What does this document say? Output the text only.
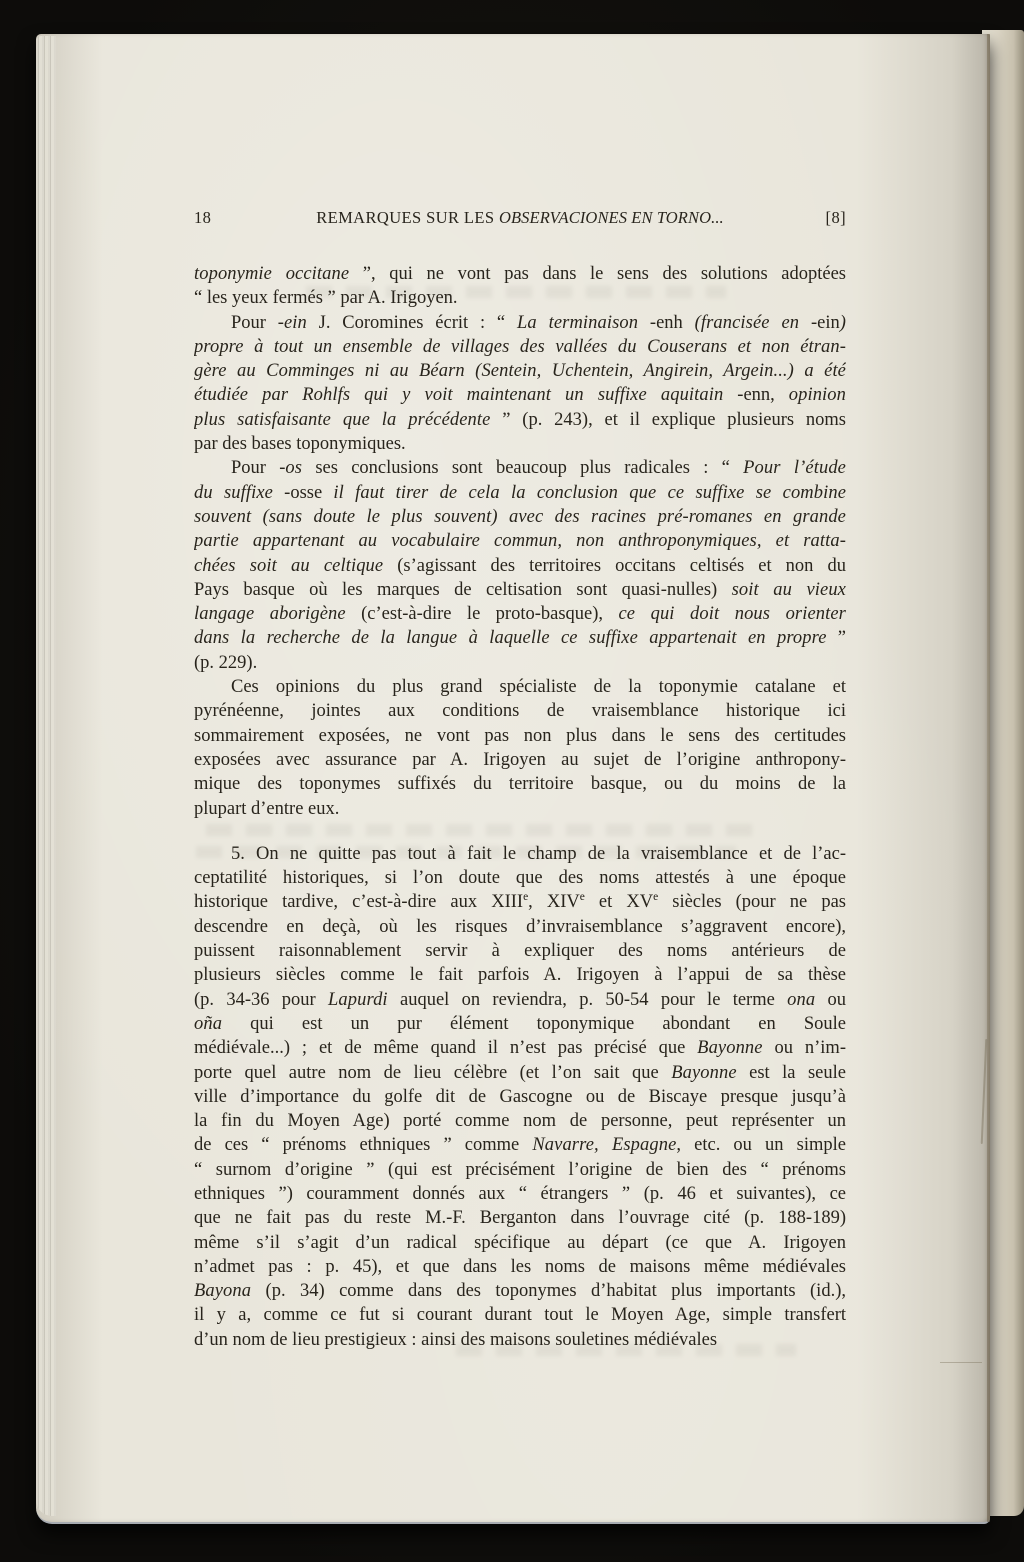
18	REMARQUES SUR LES OBSERVACIONES EN TORNO...	[8]
toponymie occitane ”, qui ne vont pas dans le sens des solutions adoptées
“ les yeux fermés ” par A. Irigoyen.
Pour -ein J. Coromines écrit : “ La terminaison -enh (francisée en -ein)
propre à tout un ensemble de villages des vallées du Couserans et non étran-
gère au Comminges ni au Béarn (Sentein, Uchentein, Angirein, Argein...) a été
étudiée par Rohlfs qui y voit maintenant un suffixe aquitain -enn, opinion
plus satisfaisante que la précédente ” (p. 243), et il explique plusieurs noms
par des bases toponymiques.
Pour -os ses conclusions sont beaucoup plus radicales : “ Pour l’étude
du suffixe -osse il faut tirer de cela la conclusion que ce suffixe se combine
souvent (sans doute le plus souvent) avec des racines pré-romanes en grande
partie appartenant au vocabulaire commun, non anthroponymiques, et ratta-
chées soit au celtique (s’agissant des territoires occitans celtisés et non du
Pays basque où les marques de celtisation sont quasi-nulles) soit au vieux
langage aborigène (c’est-à-dire le proto-basque), ce qui doit nous orienter
dans la recherche de la langue à laquelle ce suffixe appartenait en propre ”
(p. 229).
Ces opinions du plus grand spécialiste de la toponymie catalane et
pyrénéenne, jointes aux conditions de vraisemblance historique ici
sommairement exposées, ne vont pas non plus dans le sens des certitudes
exposées avec assurance par A. Irigoyen au sujet de l’origine anthropony-
mique des toponymes suffixés du territoire basque, ou du moins de la
plupart d’entre eux.
5. On ne quitte pas tout à fait le champ de la vraisemblance et de l’ac-
ceptatilité historiques, si l’on doute que des noms attestés à une époque
historique tardive, c’est-à-dire aux XIIIe, XIVe et XVe siècles (pour ne pas
descendre en deçà, où les risques d’invraisemblance s’aggravent encore),
puissent raisonnablement servir à expliquer des noms antérieurs de
plusieurs siècles comme le fait parfois A. Irigoyen à l’appui de sa thèse
(p. 34-36 pour Lapurdi auquel on reviendra, p. 50-54 pour le terme ona ou
oña qui est un pur élément toponymique abondant en Soule
médiévale...) ; et de même quand il n’est pas précisé que Bayonne ou n’im-
porte quel autre nom de lieu célèbre (et l’on sait que Bayonne est la seule
ville d’importance du golfe dit de Gascogne ou de Biscaye presque jusqu’à
la fin du Moyen Age) porté comme nom de personne, peut représenter un
de ces “ prénoms ethniques ” comme Navarre, Espagne, etc. ou un simple
“ surnom d’origine ” (qui est précisément l’origine de bien des “ prénoms
ethniques ”) couramment donnés aux “ étrangers ” (p. 46 et suivantes), ce
que ne fait pas du reste M.-F. Berganton dans l’ouvrage cité (p. 188-189)
même s’il s’agit d’un radical spécifique au départ (ce que A. Irigoyen
n’admet pas : p. 45), et que dans les noms de maisons même médiévales
Bayona (p. 34) comme dans des toponymes d’habitat plus importants (id.),
il y a, comme ce fut si courant durant tout le Moyen Age, simple transfert
d’un nom de lieu prestigieux : ainsi des maisons souletines médiévales
